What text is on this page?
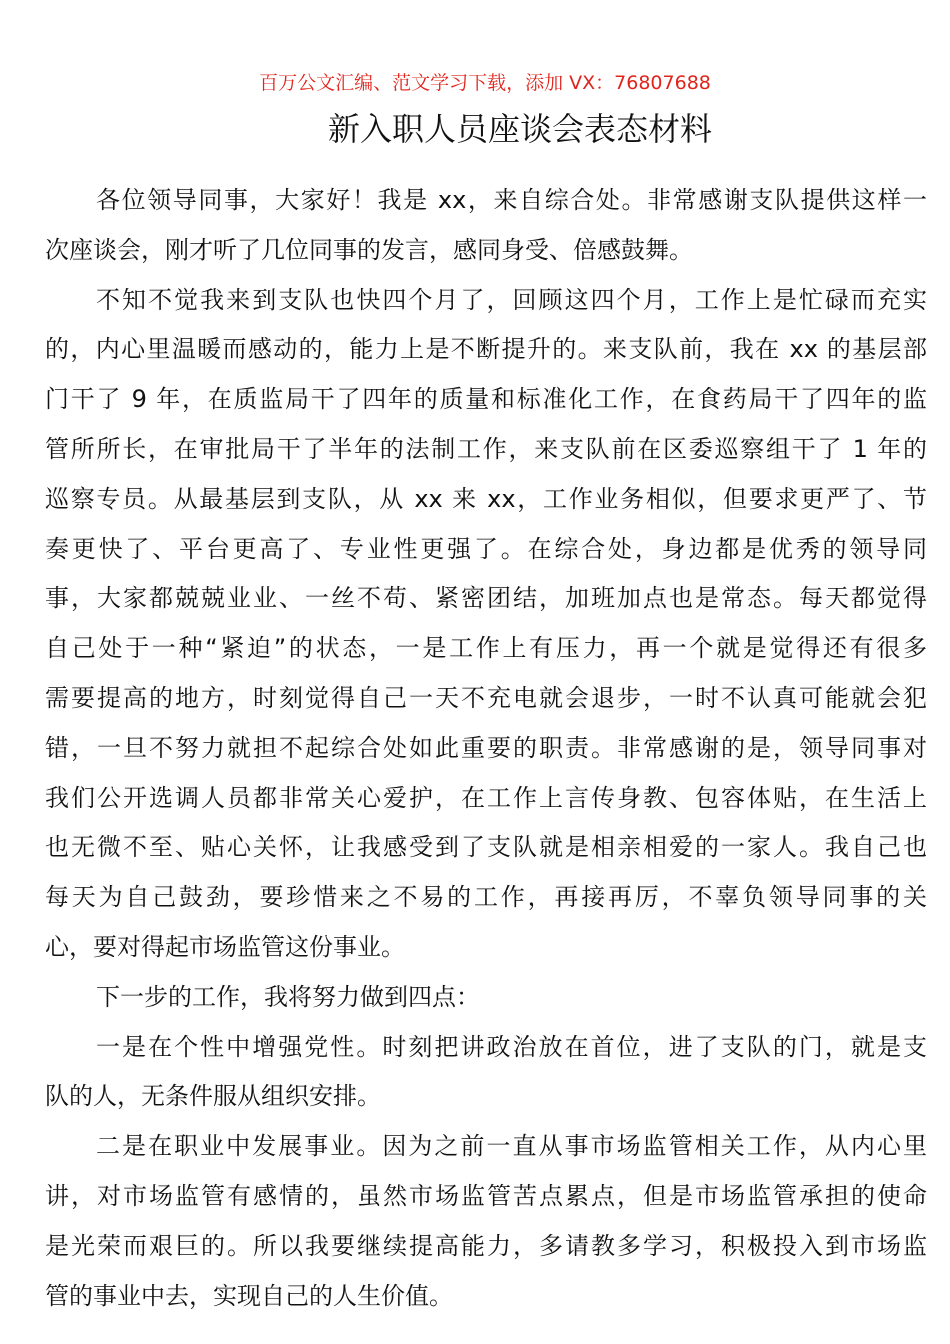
百万公文汇编、范文学习下载，添加 VX：76807688
新入职人员座谈会表态材料
各位领导同事，大家好！我是 xx，来自综合处。非常感谢支队提供这样一
次座谈会，刚才听了几位同事的发言，感同身受、倍感鼓舞。
不知不觉我来到支队也快四个月了，回顾这四个月，工作上是忙碌而充实
的，内心里温暖而感动的，能力上是不断提升的。来支队前，我在 xx 的基层部
门干了 9 年，在质监局干了四年的质量和标准化工作，在食药局干了四年的监
管所所长，在审批局干了半年的法制工作，来支队前在区委巡察组干了 1 年的
巡察专员。从最基层到支队，从 xx 来 xx，工作业务相似，但要求更严了、节
奏更快了、平台更高了、专业性更强了。在综合处，身边都是优秀的领导同
事，大家都兢兢业业、一丝不苟、紧密团结，加班加点也是常态。每天都觉得
自己处于一种“紧迫”的状态，一是工作上有压力，再一个就是觉得还有很多
需要提高的地方，时刻觉得自己一天不充电就会退步，一时不认真可能就会犯
错，一旦不努力就担不起综合处如此重要的职责。非常感谢的是，领导同事对
我们公开选调人员都非常关心爱护，在工作上言传身教、包容体贴，在生活上
也无微不至、贴心关怀，让我感受到了支队就是相亲相爱的一家人。我自己也
每天为自己鼓劲，要珍惜来之不易的工作，再接再厉，不辜负领导同事的关
心，要对得起市场监管这份事业。
下一步的工作，我将努力做到四点：
一是在个性中增强党性。时刻把讲政治放在首位，进了支队的门，就是支
队的人，无条件服从组织安排。
二是在职业中发展事业。因为之前一直从事市场监管相关工作，从内心里
讲，对市场监管有感情的，虽然市场监管苦点累点，但是市场监管承担的使命
是光荣而艰巨的。所以我要继续提高能力，多请教多学习，积极投入到市场监
管的事业中去，实现自己的人生价值。
